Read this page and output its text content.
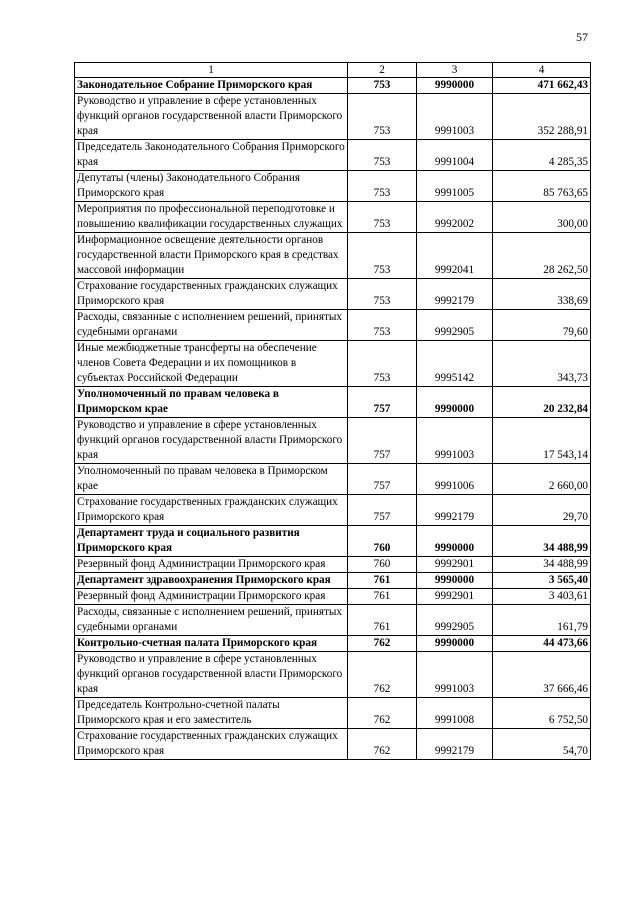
57
1	2	3	4
Законодательное Собрание Приморского края	753	9990000	471 662,43
Руководство и управление в сфере установленных функций органов государственной власти Приморского края	753	9991003	352 288,91
Председатель Законодательного Собрания Приморского края	753	9991004	4 285,35
Депутаты (члены) Законодательного Собрания Приморского края	753	9991005	85 763,65
Мероприятия по профессиональной переподготовке и повышению квалификации государственных служащих	753	9992002	300,00
Информационное освещение деятельности органов государственной власти Приморского края в средствах массовой информации	753	9992041	28 262,50
Страхование государственных гражданских служащих Приморского края	753	9992179	338,69
Расходы, связанные с исполнением решений, принятых судебными органами	753	9992905	79,60
Иные межбюджетные трансферты на обеспечение членов Совета Федерации и их помощников в субъектах Российской Федерации	753	9995142	343,73
Уполномоченный по правам человека в Приморском крае	757	9990000	20 232,84
Руководство и управление в сфере установленных функций органов государственной власти Приморского края	757	9991003	17 543,14
Уполномоченный по правам человека в Приморском крае	757	9991006	2 660,00
Страхование государственных гражданских служащих Приморского края	757	9992179	29,70
Департамент труда и социального развития Приморского края	760	9990000	34 488,99
Резервный фонд Администрации Приморского края	760	9992901	34 488,99
Департамент здравоохранения Приморского края	761	9990000	3 565,40
Резервный фонд Администрации Приморского края	761	9992901	3 403,61
Расходы, связанные с исполнением решений, принятых судебными органами	761	9992905	161,79
Контрольно-счетная палата Приморского края	762	9990000	44 473,66
Руководство и управление в сфере установленных функций органов государственной власти Приморского края	762	9991003	37 666,46
Председатель Контрольно-счетной палаты Приморского края и его заместитель	762	9991008	6 752,50
Страхование государственных гражданских служащих Приморского края	762	9992179	54,70
